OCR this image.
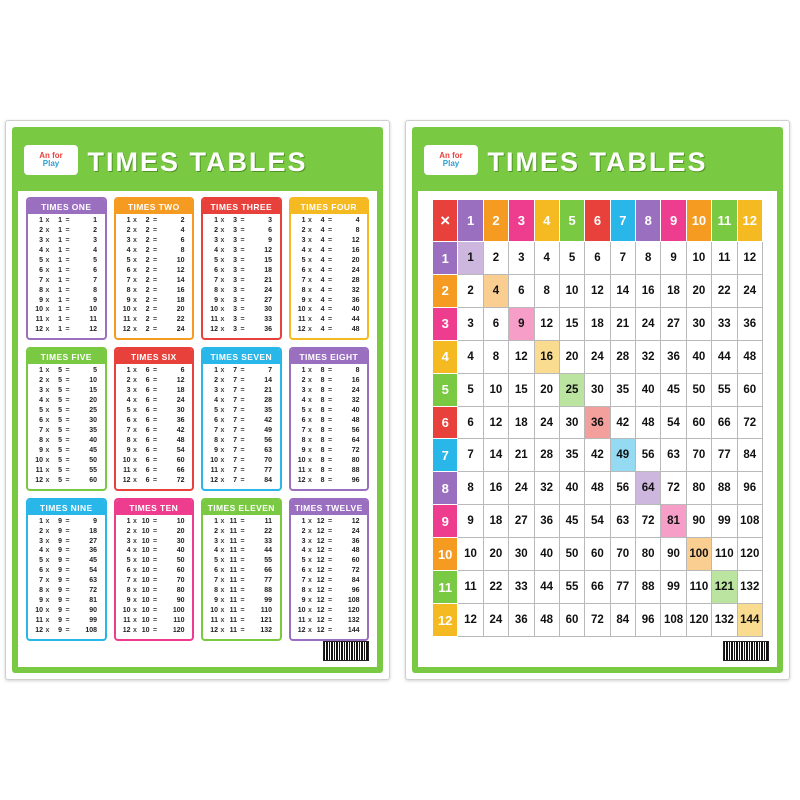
An for
Play TIMES TABLES
TIMES ONE
1 x	1 =	1
2 x	1 =	2
3 x	1 =	3
4 x	1 =	4
5 x	1 =	5
6 x	1 =	6
7 x	1 =	7
8 x	1 =	8
9 x	1 =	9
10 x	1 =	10
11 x	1 =	11
12 x	1 =	12
TIMES TWO
1 x	2 =	2
2 x	2 =	4
3 x	2 =	6
4 x	2 =	8
5 x	2 =	10
6 x	2 =	12
7 x	2 =	14
8 x	2 =	16
9 x	2 =	18
10 x	2 =	20
11 x	2 =	22
12 x	2 =	24
TIMES THREE
1 x	3 =	3
2 x	3 =	6
3 x	3 =	9
4 x	3 =	12
5 x	3 =	15
6 x	3 =	18
7 x	3 =	21
8 x	3 =	24
9 x	3 =	27
10 x	3 =	30
11 x	3 =	33
12 x	3 =	36
TIMES FOUR
1 x	4 =	4
2 x	4 =	8
3 x	4 =	12
4 x	4 =	16
5 x	4 =	20
6 x	4 =	24
7 x	4 =	28
8 x	4 =	32
9 x	4 =	36
10 x	4 =	40
11 x	4 =	44
12 x	4 =	48
TIMES FIVE
1 x	5 =	5
2 x	5 =	10
3 x	5 =	15
4 x	5 =	20
5 x	5 =	25
6 x	5 =	30
7 x	5 =	35
8 x	5 =	40
9 x	5 =	45
10 x	5 =	50
11 x	5 =	55
12 x	5 =	60
TIMES SIX
1 x	6 =	6
2 x	6 =	12
3 x	6 =	18
4 x	6 =	24
5 x	6 =	30
6 x	6 =	36
7 x	6 =	42
8 x	6 =	48
9 x	6 =	54
10 x	6 =	60
11 x	6 =	66
12 x	6 =	72
TIMES SEVEN
1 x	7 =	7
2 x	7 =	14
3 x	7 =	21
4 x	7 =	28
5 x	7 =	35
6 x	7 =	42
7 x	7 =	49
8 x	7 =	56
9 x	7 =	63
10 x	7 =	70
11 x	7 =	77
12 x	7 =	84
TIMES EIGHT
1 x	8 =	8
2 x	8 =	16
3 x	8 =	24
4 x	8 =	32
5 x	8 =	40
6 x	8 =	48
7 x	8 =	56
8 x	8 =	64
9 x	8 =	72
10 x	8 =	80
11 x	8 =	88
12 x	8 =	96
TIMES NINE
1 x	9 =	9
2 x	9 =	18
3 x	9 =	27
4 x	9 =	36
5 x	9 =	45
6 x	9 =	54
7 x	9 =	63
8 x	9 =	72
9 x	9 =	81
10 x	9 =	90
11 x	9 =	99
12 x	9 =	108
TIMES TEN
1 x 10 =	10
2 x 10 =	20
3 x 10 =	30
4 x 10 =	40
5 x 10 =	50
6 x 10 =	60
7 x 10 =	70
8 x 10 =	80
9 x 10 =	90
10 x 10 =	100
11 x 10 =	110
12 x 10 =	120
TIMES ELEVEN
1 x 11 =	11
2 x 11 =	22
3 x 11 =	33
4 x 11 =	44
5 x 11 =	55
6 x 11 =	66
7 x 11 =	77
8 x 11 =	88
9 x 11 =	99
10 x 11 =	110
11 x 11 =	121
12 x 11 =	132
TIMES TWELVE
1 x 12 =	12
2 x 12 =	24
3 x 12 =	36
4 x 12 =	48
5 x 12 =	60
6 x 12 =	72
7 x 12 =	84
8 x 12 =	96
9 x 12 =	108
10 x 12 =	120
11 x 12 =	132
12 x 12 =	144
An for
Play TIMES TABLES
×	1	2	3	4	5	6	7	8	9	10	11	12
1	1	2	3	4	5	6	7	8	9	10	11	12
2	2	4	6	8	10	12	14	16	18	20	22	24
3	3	6	9	12	15	18	21	24	27	30	33	36
4	4	8	12	16	20	24	28	32	36	40	44	48
5	5	10	15	20	25	30	35	40	45	50	55	60
6	6	12	18	24	30	36	42	48	54	60	66	72
7	7	14	21	28	35	42	49	56	63	70	77	84
8	8	16	24	32	40	48	56	64	72	80	88	96
9	9	18	27	36	45	54	63	72	81	90	99	108
10	10	20	30	40	50	60	70	80	90	100	110	120
11	11	22	33	44	55	66	77	88	99	110	121	132
12	12	24	36	48	60	72	84	96	108	120	132	144
